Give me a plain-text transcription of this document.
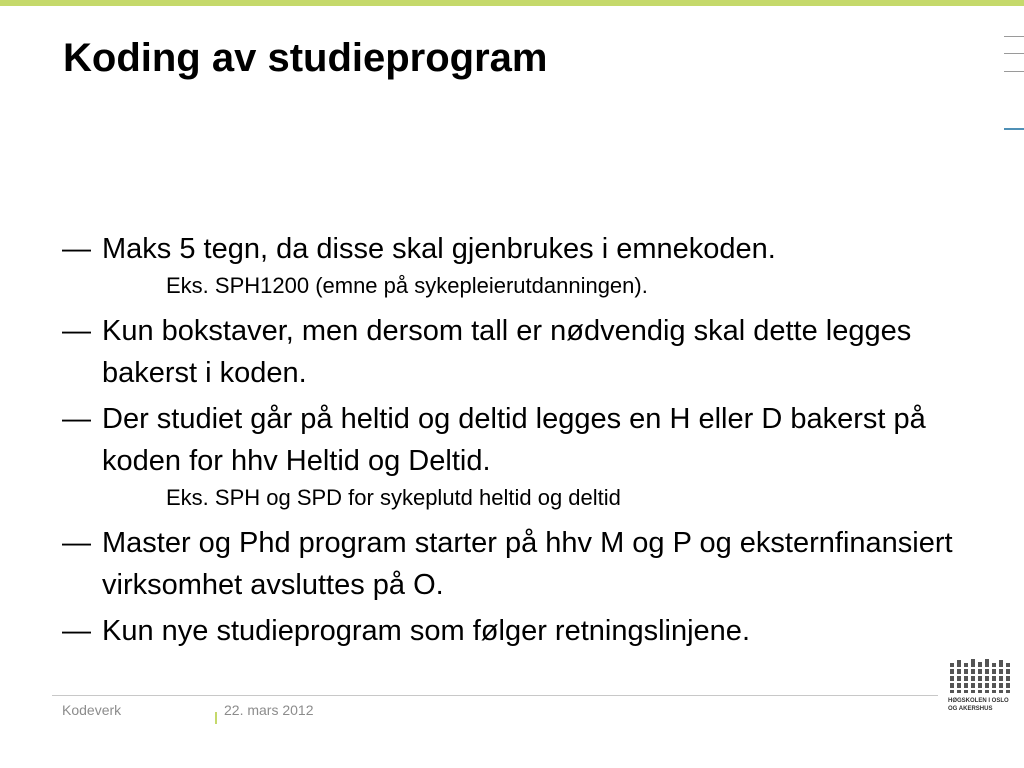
Koding av studieprogram
— Maks 5 tegn, da disse skal gjenbrukes i emnekoden.
Eks. SPH1200 (emne på sykepleierutdanningen).
— Kun bokstaver, men dersom tall er nødvendig skal dette legges bakerst i koden.
— Der studiet går på heltid og deltid legges en H eller D bakerst på koden for hhv Heltid og Deltid.
Eks. SPH og SPD for sykeplutd heltid og deltid
— Master og Phd program starter på hhv M og P og eksternfinansiert virksomhet avsluttes på O.
— Kun nye studieprogram som følger retningslinjene.
Kodeverk	22. mars 2012
HØGSKOLEN I OSLO
OG AKERSHUS
